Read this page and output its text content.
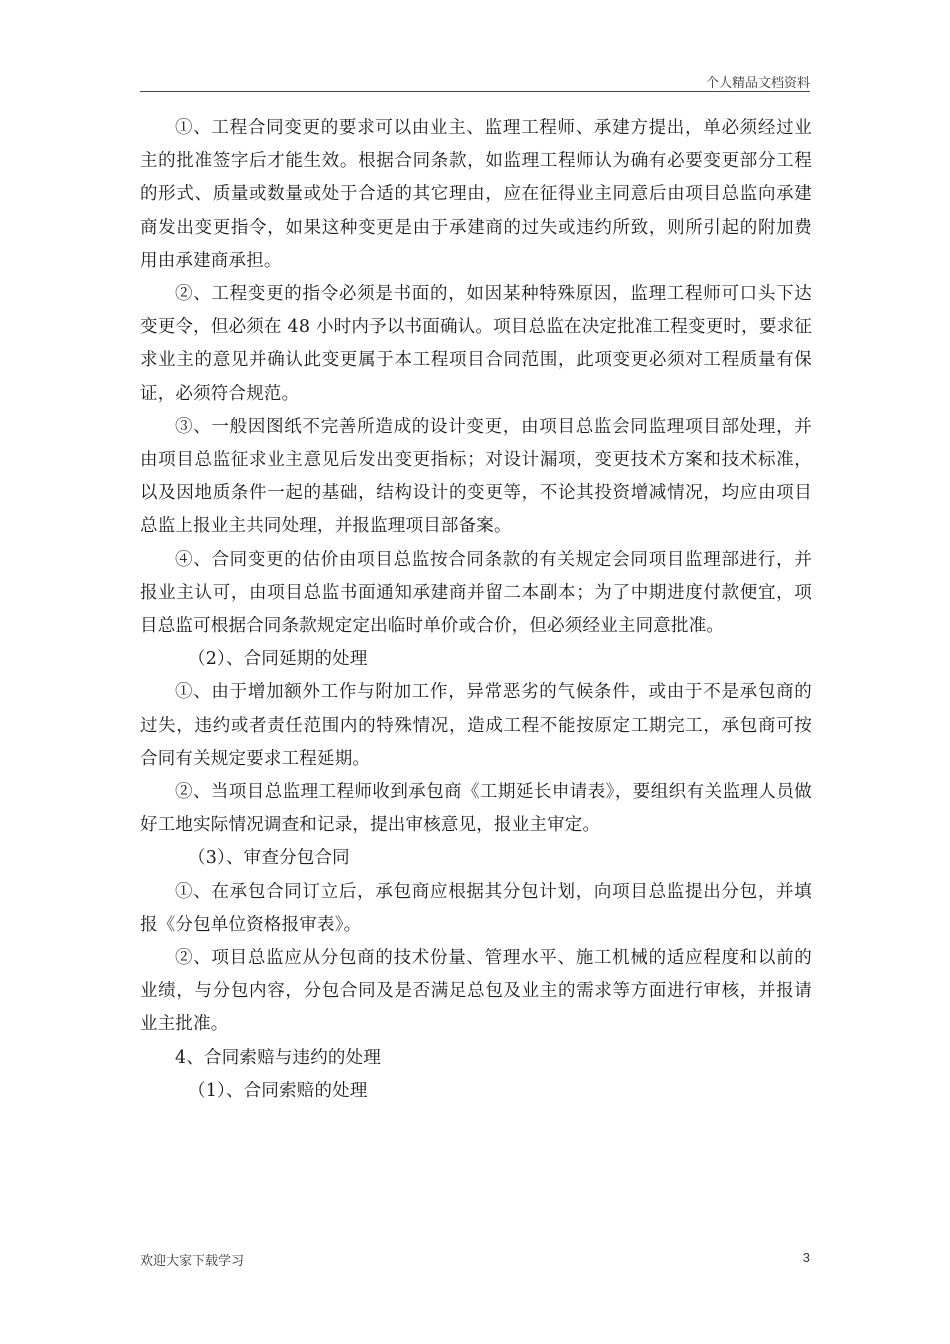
个人精品文档资料

①、工程合同变更的要求可以由业主、监理工程师、承建方提出，单必须经过业主的批准签字后才能生效。根据合同条款，如监理工程师认为确有必要变更部分工程的形式、质量或数量或处于合适的其它理由，应在征得业主同意后由项目总监向承建商发出变更指令，如果这种变更是由于承建商的过失或违约所致，则所引起的附加费用由承建商承担。

②、工程变更的指令必须是书面的，如因某种特殊原因，监理工程师可口头下达变更令，但必须在 48 小时内予以书面确认。项目总监在决定批准工程变更时，要求征求业主的意见并确认此变更属于本工程项目合同范围，此项变更必须对工程质量有保证，必须符合规范。

③、一般因图纸不完善所造成的设计变更，由项目总监会同监理项目部处理，并由项目总监征求业主意见后发出变更指标；对设计漏项，变更技术方案和技术标准，以及因地质条件一起的基础，结构设计的变更等，不论其投资增减情况，均应由项目总监上报业主共同处理，并报监理项目部备案。

④、合同变更的估价由项目总监按合同条款的有关规定会同项目监理部进行，并报业主认可，由项目总监书面通知承建商并留二本副本；为了中期进度付款便宜，项目总监可根据合同条款规定定出临时单价或合价，但必须经业主同意批准。

（2）、合同延期的处理

①、由于增加额外工作与附加工作，异常恶劣的气候条件，或由于不是承包商的过失，违约或者责任范围内的特殊情况，造成工程不能按原定工期完工，承包商可按合同有关规定要求工程延期。

②、当项目总监理工程师收到承包商《工期延长申请表》，要组织有关监理人员做好工地实际情况调查和记录，提出审核意见，报业主审定。

（3）、审查分包合同

①、在承包合同订立后，承包商应根据其分包计划，向项目总监提出分包，并填报《分包单位资格报审表》。

②、项目总监应从分包商的技术份量、管理水平、施工机械的适应程度和以前的业绩，与分包内容，分包合同及是否满足总包及业主的需求等方面进行审核，并报请业主批准。

4、合同索赔与违约的处理

（1）、合同索赔的处理

欢迎大家下载学习	3
